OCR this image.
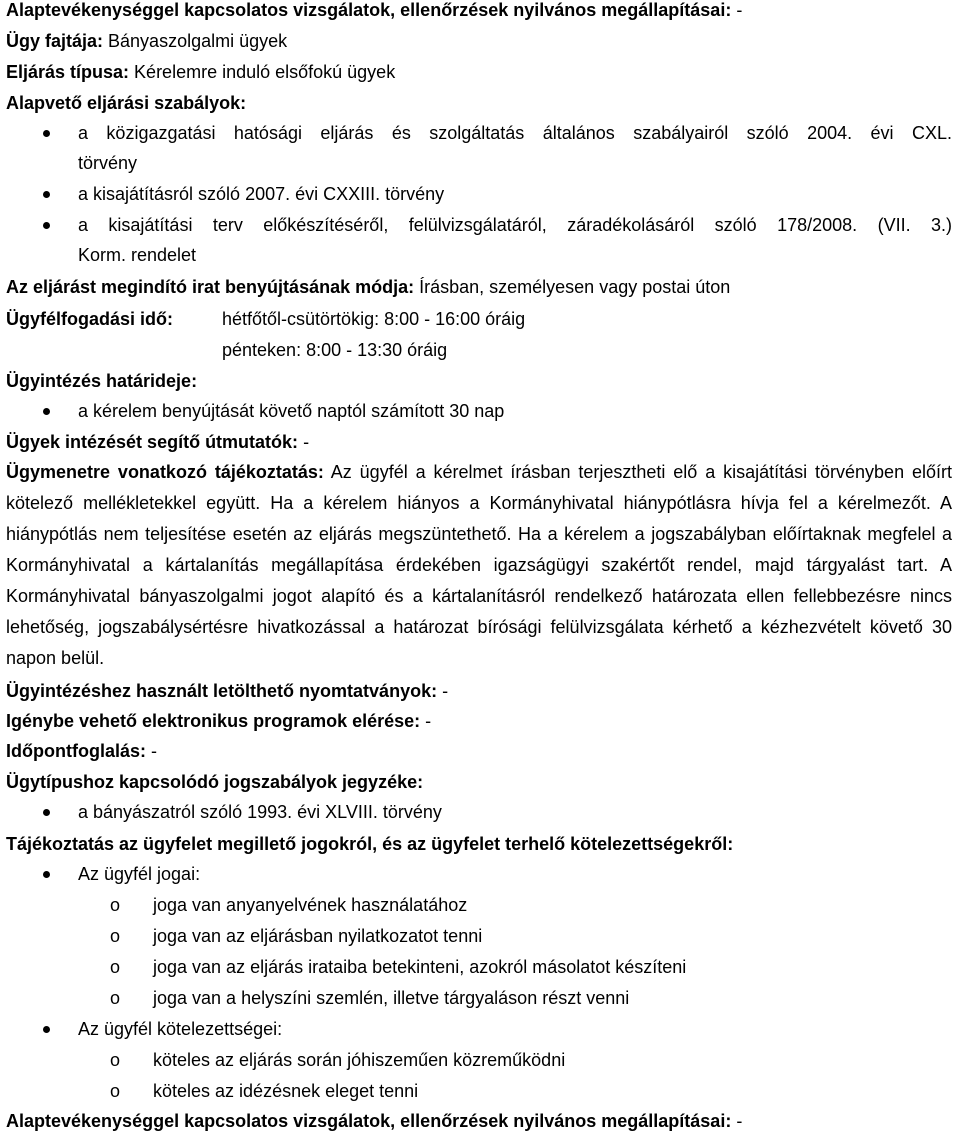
Alaptevékenységgel kapcsolatos vizsgálatok, ellenőrzések nyilvános megállapításai: -
Ügy fajtája: Bányaszolgalmi ügyek
Eljárás típusa: Kérelemre induló elsőfokú ügyek
Alapvető eljárási szabályok:
a közigazgatási hatósági eljárás és szolgáltatás általános szabályairól szóló 2004. évi CXL.
törvény
a kisajátításról szóló 2007. évi CXXIII. törvény
a kisajátítási terv előkészítéséről, felülvizsgálatáról, záradékolásáról szóló 178/2008. (VII. 3.)
Korm. rendelet
Az eljárást megindító irat benyújtásának módja: Írásban, személyesen vagy postai úton
Ügyfélfogadási idő:	hétfőtől-csütörtökig: 8:00 - 16:00 óráig
pénteken: 8:00 - 13:30 óráig
Ügyintézés határideje:
a kérelem benyújtását követő naptól számított 30 nap
Ügyek intézését segítő útmutatók: -
Ügymenetre vonatkozó tájékoztatás: Az ügyfél a kérelmet írásban terjesztheti elő a kisajátítási törvényben előírt kötelező mellékletekkel együtt. Ha a kérelem hiányos a Kormányhivatal hiánypótlásra hívja fel a kérelmezőt. A hiánypótlás nem teljesítése esetén az eljárás megszüntethető. Ha a kérelem a jogszabályban előírtaknak megfelel a Kormányhivatal a kártalanítás megállapítása érdekében igazságügyi szakértőt rendel, majd tárgyalást tart. A Kormányhivatal bányaszolgalmi jogot alapító és a kártalanításról rendelkező határozata ellen fellebbezésre nincs lehetőség, jogszabálysértésre hivatkozással a határozat bírósági felülvizsgálata kérhető a kézhezvételt követő 30 napon belül.
Ügyintézéshez használt letölthető nyomtatványok: -
Igénybe vehető elektronikus programok elérése: -
Időpontfoglalás: -
Ügytípushoz kapcsolódó jogszabályok jegyzéke:
a bányászatról szóló 1993. évi XLVIII. törvény
Tájékoztatás az ügyfelet megillető jogokról, és az ügyfelet terhelő kötelezettségekről:
Az ügyfél jogai:
o joga van anyanyelvének használatához
o joga van az eljárásban nyilatkozatot tenni
o joga van az eljárás irataiba betekinteni, azokról másolatot készíteni
o joga van a helyszíni szemlén, illetve tárgyaláson részt venni
Az ügyfél kötelezettségei:
o köteles az eljárás során jóhiszeműen közreműködni
o köteles az idézésnek eleget tenni
Alaptevékenységgel kapcsolatos vizsgálatok, ellenőrzések nyilvános megállapításai: -
